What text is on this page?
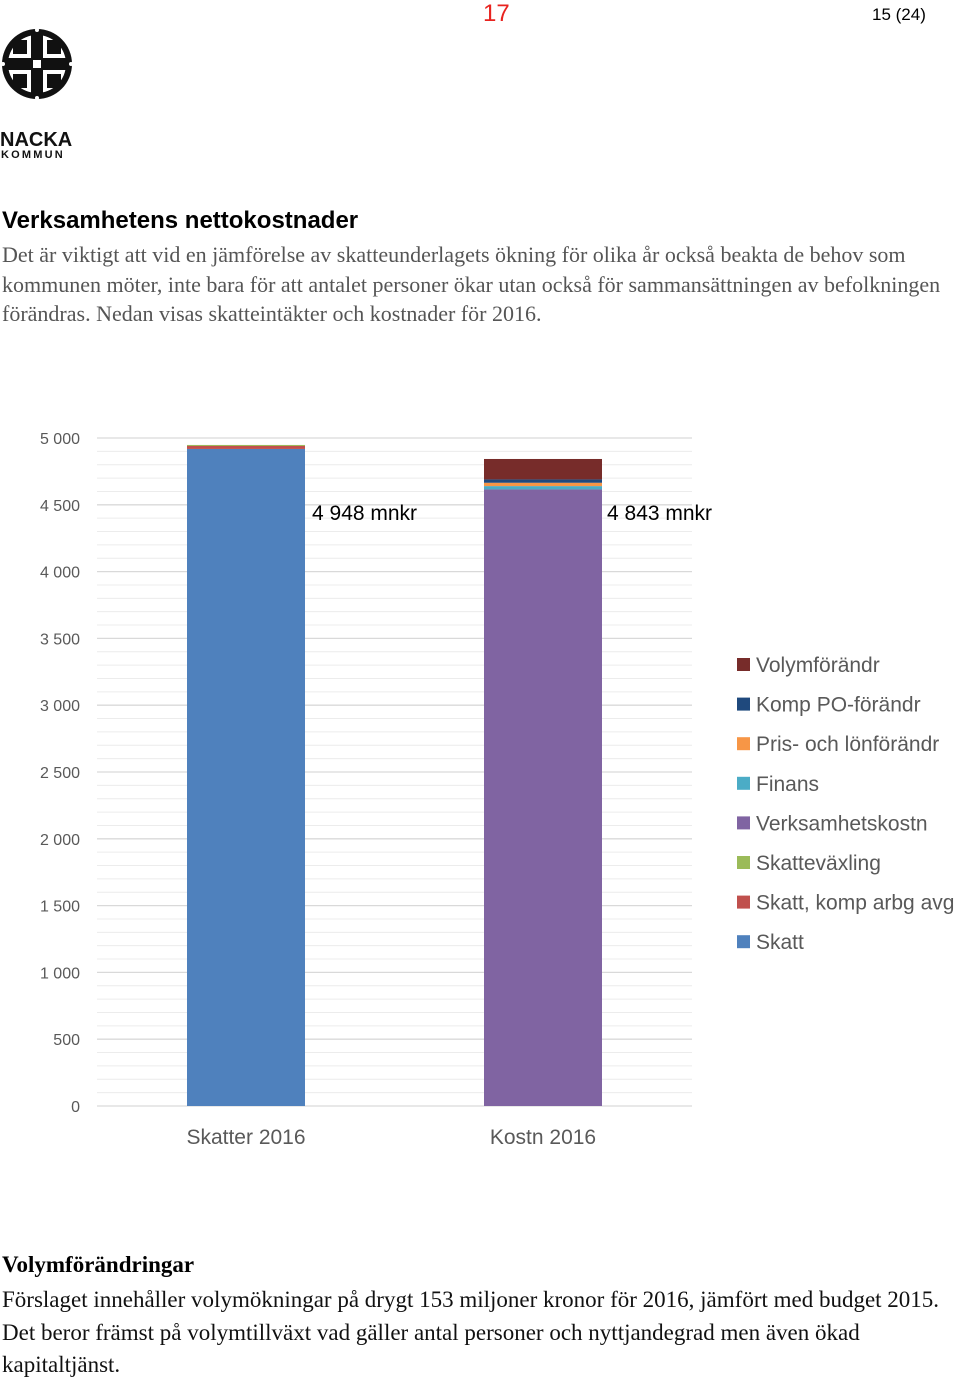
17	15 (24)
NACKA
KOMMUN
Verksamhetens nettokostnader
Det är viktigt att vid en jämförelse av skatteunderlagets ökning för olika år också beakta de behov som kommunen möter, inte bara för att antalet personer ökar utan också för sammansättningen av befolkningen förändras. Nedan visas skatteintäkter och kostnader för 2016.
0
500
1 000
1 500
2 000
2 500
3 000
3 500
4 000
4 500
5 000
4 948 mnkr	4 843 mnkr
Skatter 2016	Kostn 2016
Volymförändr
Komp PO-förändr
Pris- och lönförändr
Finans
Verksamhetskostn
Skatteväxling
Skatt, komp arbg avg
Skatt
Volymförändringar
Förslaget innehåller volymökningar på drygt 153 miljoner kronor för 2016, jämfört med budget 2015. Det beror främst på volymtillväxt vad gäller antal personer och nyttjandegrad men även ökad kapitaltjänst.
